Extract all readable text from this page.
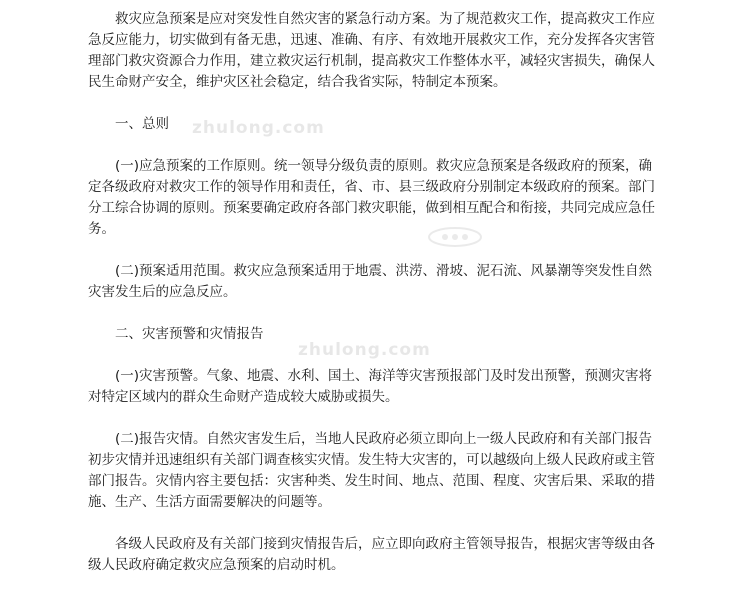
救灾应急预案是应对突发性自然灾害的紧急行动方案。为了规范救灾工作，提高救灾工作应急反应能力，切实做到有备无患，迅速、准确、有序、有效地开展救灾工作，充分发挥各灾害管理部门救灾资源合力作用，建立救灾运行机制，提高救灾工作整体水平，减轻灾害损失，确保人民生命财产安全，维护灾区社会稳定，结合我省实际，特制定本预案。

一、总则

(一)应急预案的工作原则。统一领导分级负责的原则。救灾应急预案是各级政府的预案，确定各级政府对救灾工作的领导作用和责任，省、市、县三级政府分别制定本级政府的预案。部门分工综合协调的原则。预案要确定政府各部门救灾职能，做到相互配合和衔接，共同完成应急任务。

(二)预案适用范围。救灾应急预案适用于地震、洪涝、滑坡、泥石流、风暴潮等突发性自然灾害发生后的应急反应。

二、灾害预警和灾情报告

(一)灾害预警。气象、地震、水利、国土、海洋等灾害预报部门及时发出预警，预测灾害将对特定区域内的群众生命财产造成较大威胁或损失。

(二)报告灾情。自然灾害发生后，当地人民政府必须立即向上一级人民政府和有关部门报告初步灾情并迅速组织有关部门调查核实灾情。发生特大灾害的，可以越级向上级人民政府或主管部门报告。灾情内容主要包括：灾害种类、发生时间、地点、范围、程度、灾害后果、采取的措施、生产、生活方面需要解决的问题等。

各级人民政府及有关部门接到灾情报告后，应立即向政府主管领导报告，根据灾害等级由各级人民政府确定救灾应急预案的启动时机。

zhulong.com
zhulong.com
